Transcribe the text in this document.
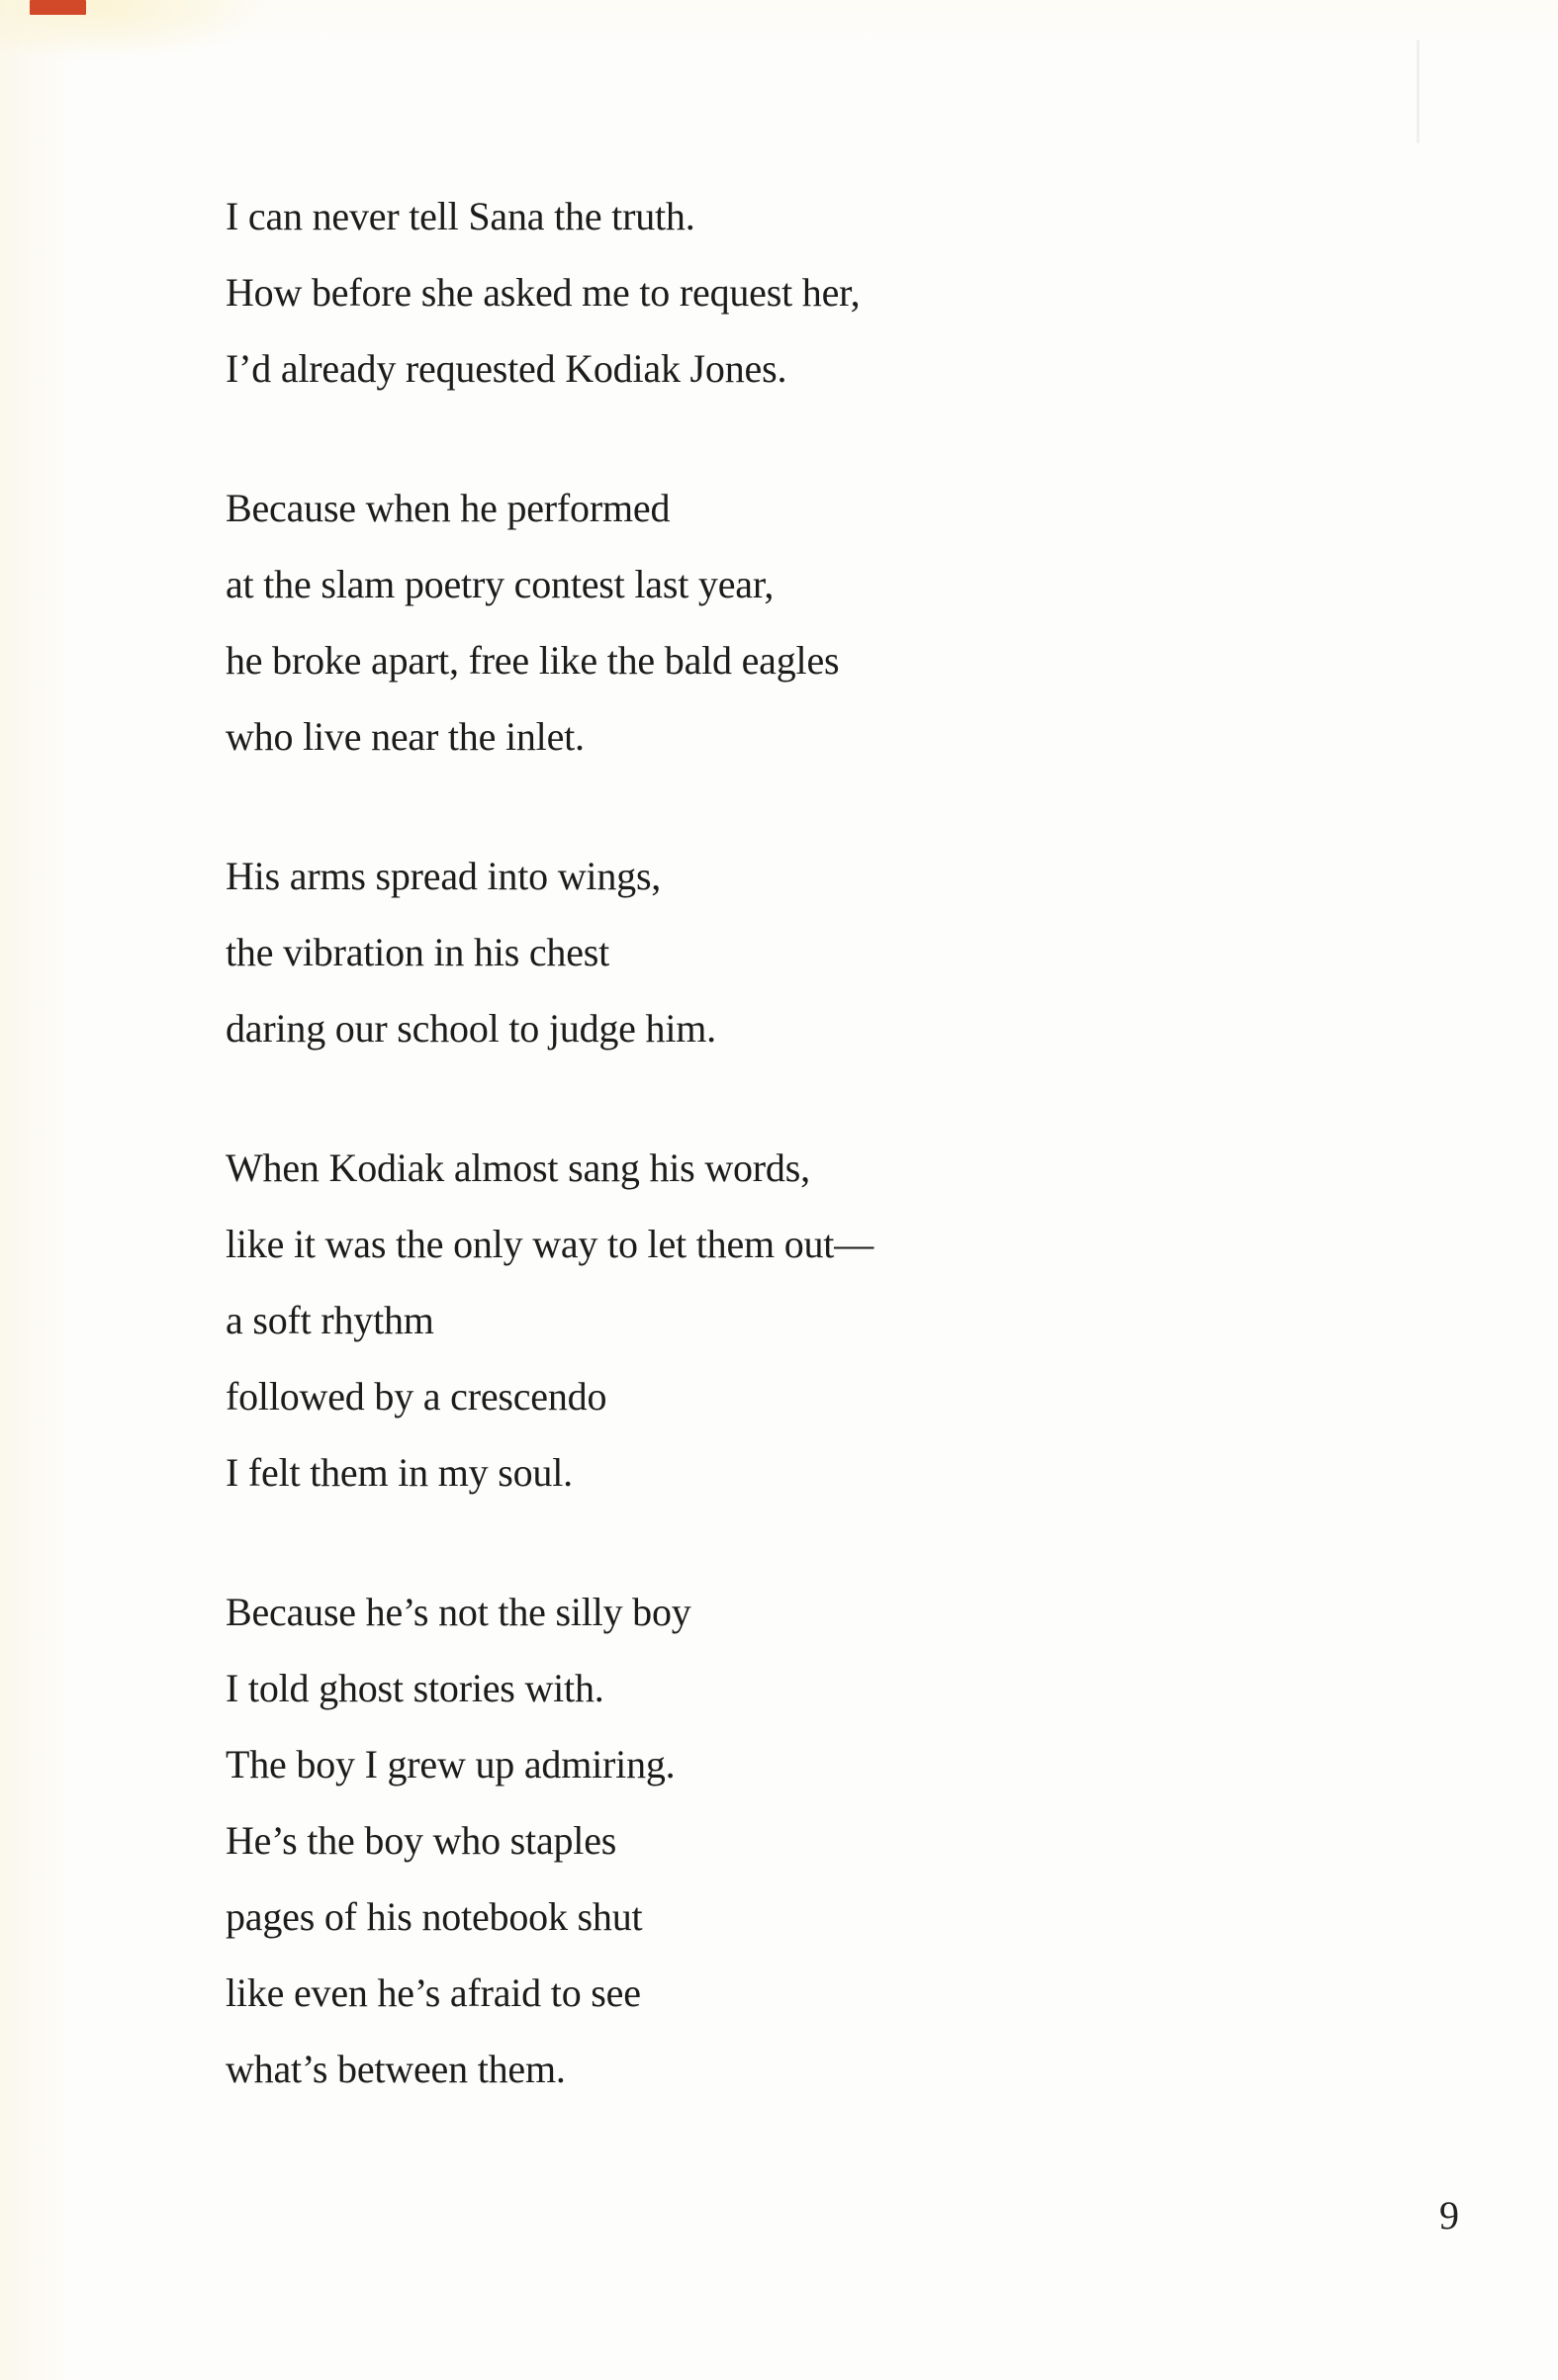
I can never tell Sana the truth.
How before she asked me to request her,
I’d already requested Kodiak Jones.
Because when he performed
at the slam poetry contest last year,
he broke apart, free like the bald eagles
who live near the inlet.
His arms spread into wings,
the vibration in his chest
daring our school to judge him.
When Kodiak almost sang his words,
like it was the only way to let them out—
a soft rhythm
followed by a crescendo
I felt them in my soul.
Because he’s not the silly boy
I told ghost stories with.
The boy I grew up admiring.
He’s the boy who staples
pages of his notebook shut
like even he’s afraid to see
what’s between them.
9
